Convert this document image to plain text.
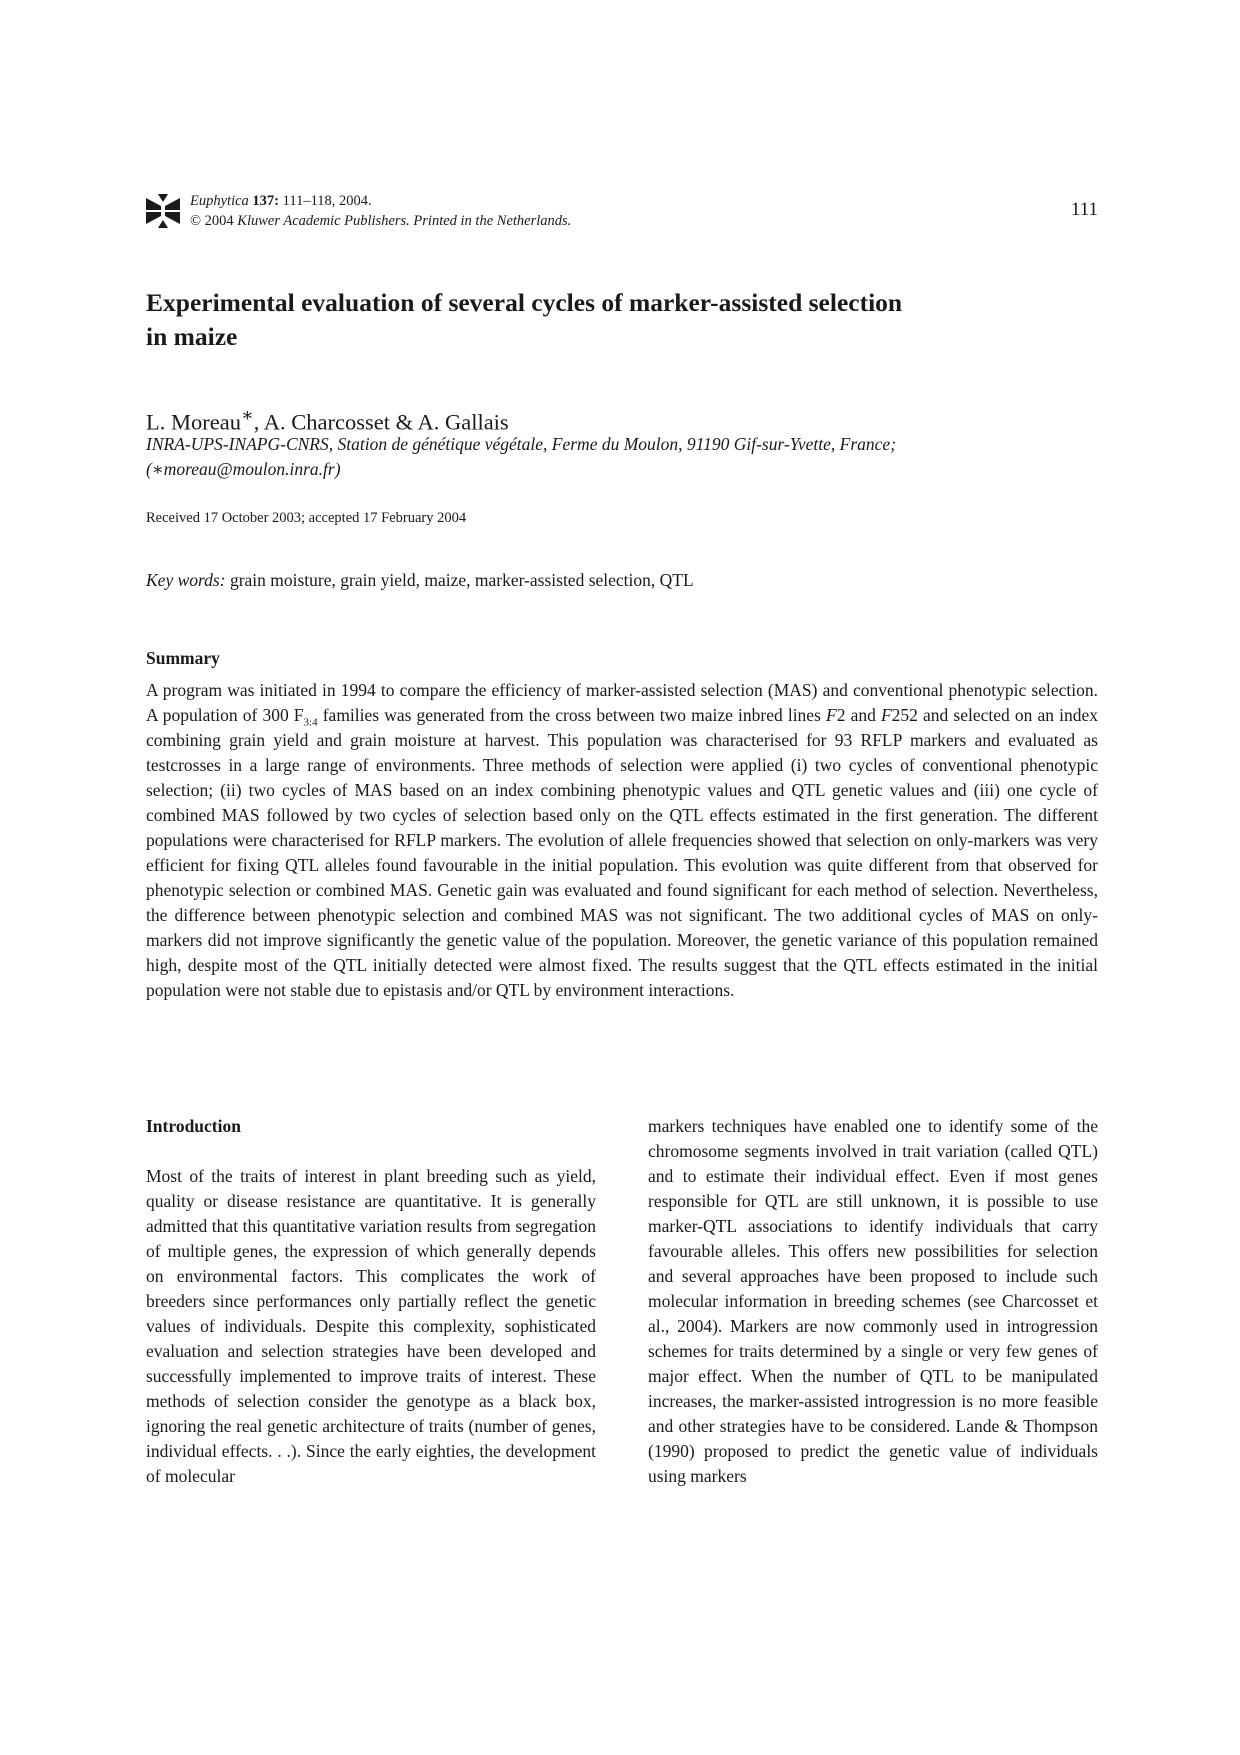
Euphytica 137: 111–118, 2004.
© 2004 Kluwer Academic Publishers. Printed in the Netherlands.
111
Experimental evaluation of several cycles of marker-assisted selection
in maize
L. Moreau∗, A. Charcosset & A. Gallais
INRA-UPS-INAPG-CNRS, Station de génétique végétale, Ferme du Moulon, 91190 Gif-sur-Yvette, France;
(∗moreau@moulon.inra.fr)
Received 17 October 2003; accepted 17 February 2004
Key words: grain moisture, grain yield, maize, marker-assisted selection, QTL
Summary
A program was initiated in 1994 to compare the efficiency of marker-assisted selection (MAS) and conventional phenotypic selection. A population of 300 $F_{3:4}$ families was generated from the cross between two maize inbred lines F2 and F252 and selected on an index combining grain yield and grain moisture at harvest. This population was characterised for 93 RFLP markers and evaluated as testcrosses in a large range of environments. Three methods of selection were applied (i) two cycles of conventional phenotypic selection; (ii) two cycles of MAS based on an index combining phenotypic values and QTL genetic values and (iii) one cycle of combined MAS followed by two cycles of selection based only on the QTL effects estimated in the first generation. The different populations were characterised for RFLP markers. The evolution of allele frequencies showed that selection on only-markers was very efficient for fixing QTL alleles found favourable in the initial population. This evolution was quite different from that observed for phenotypic selection or combined MAS. Genetic gain was evaluated and found significant for each method of selection. Nevertheless, the difference between phenotypic selection and combined MAS was not significant. The two additional cycles of MAS on only-markers did not improve significantly the genetic value of the population. Moreover, the genetic variance of this population remained high, despite most of the QTL initially detected were almost fixed. The results suggest that the QTL effects estimated in the initial population were not stable due to epistasis and/or QTL by environment interactions.
Introduction

Most of the traits of interest in plant breeding such as yield, quality or disease resistance are quantitative. It is generally admitted that this quantitative variation results from segregation of multiple genes, the expression of which generally depends on environmental factors. This complicates the work of breeders since performances only partially reflect the genetic values of individuals. Despite this complexity, sophisticated evaluation and selection strategies have been developed and successfully implemented to improve traits of interest. These methods of selection consider the genotype as a black box, ignoring the real genetic architecture of traits (number of genes, individual effects. . .). Since the early eighties, the development of molecular

markers techniques have enabled one to identify some of the chromosome segments involved in trait variation (called QTL) and to estimate their individual effect. Even if most genes responsible for QTL are still unknown, it is possible to use marker-QTL associations to identify individuals that carry favourable alleles. This offers new possibilities for selection and several approaches have been proposed to include such molecular information in breeding schemes (see Charcosset et al., 2004). Markers are now commonly used in introgression schemes for traits determined by a single or very few genes of major effect. When the number of QTL to be manipulated increases, the marker-assisted introgression is no more feasible and other strategies have to be considered. Lande & Thompson (1990) proposed to predict the genetic value of individuals using markers
